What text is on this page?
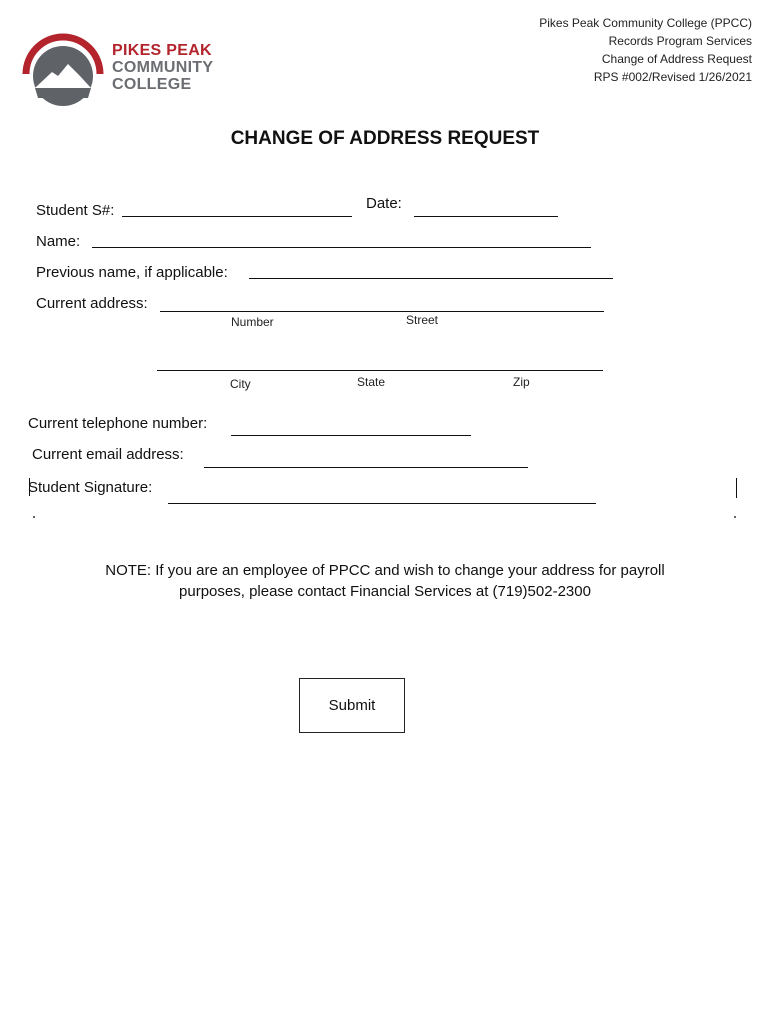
PIKES PEAK
COMMUNITY
COLLEGE
Pikes Peak Community College (PPCC)
Records Program Services
Change of Address Request
RPS #002/Revised 1/26/2021
CHANGE OF ADDRESS REQUEST
Student S#:	Date:
Name:
Previous name, if applicable:
Current address:
Number	Street
City	State	Zip
Current telephone number:
Current email address:
Student Signature:
NOTE: If you are an employee of PPCC and wish to change your address for payroll
purposes, please contact Financial Services at (719)502-2300
Submit
